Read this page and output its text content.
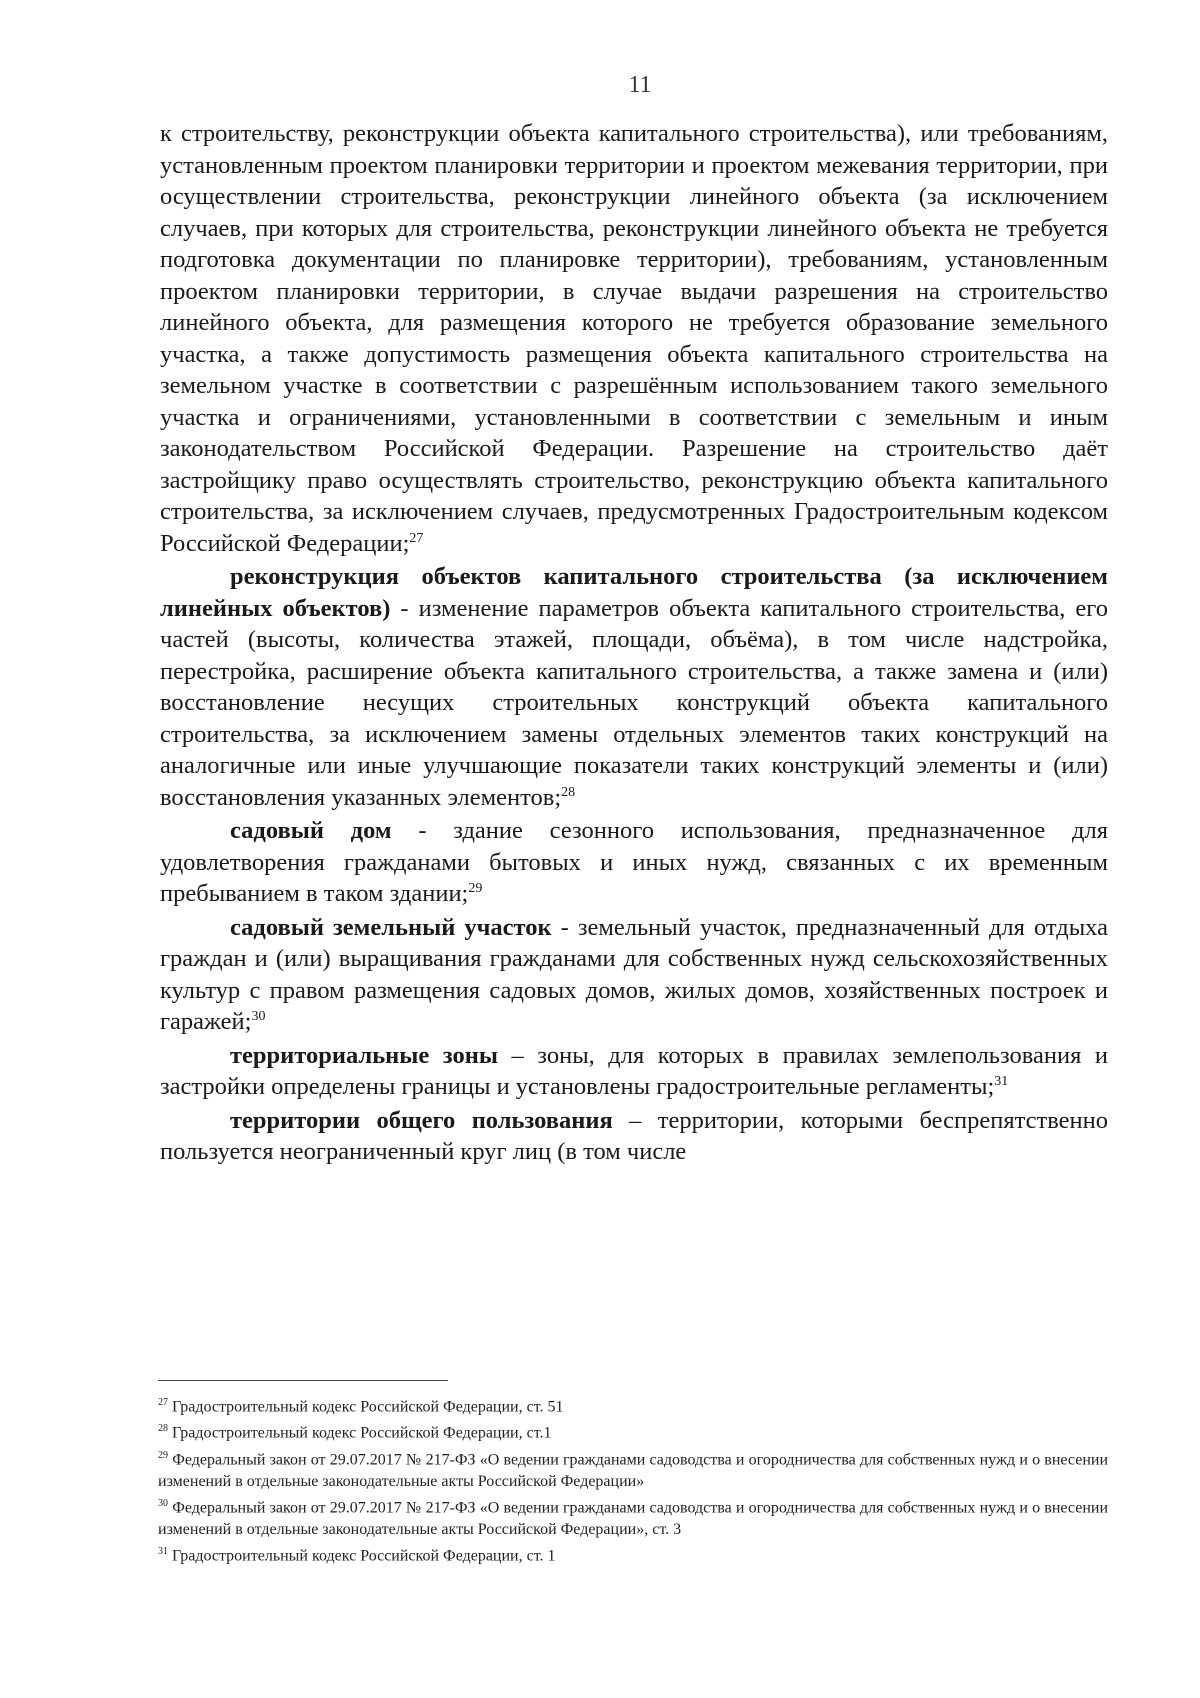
11

к строительству, реконструкции объекта капитального строительства), или требованиям, установленным проектом планировки территории и проектом межевания территории, при осуществлении строительства, реконструкции линейного объекта (за исключением случаев, при которых для строительства, реконструкции линейного объекта не требуется подготовка документации по планировке территории), требованиям, установленным проектом планировки территории, в случае выдачи разрешения на строительство линейного объекта, для размещения которого не требуется образование земельного участка, а также допустимость размещения объекта капитального строительства на земельном участке в соответствии с разрешённым использованием такого земельного участка и ограничениями, установленными в соответствии с земельным и иным законодательством Российской Федерации. Разрешение на строительство даёт застройщику право осуществлять строительство, реконструкцию объекта капитального строительства, за исключением случаев, предусмотренных Градостроительным кодексом Российской Федерации;$^{27}$

реконструкция объектов капитального строительства (за исключением линейных объектов) - изменение параметров объекта капитального строительства, его частей (высоты, количества этажей, площади, объёма), в том числе надстройка, перестройка, расширение объекта капитального строительства, а также замена и (или) восстановление несущих строительных конструкций объекта капитального строительства, за исключением замены отдельных элементов таких конструкций на аналогичные или иные улучшающие показатели таких конструкций элементы и (или) восстановления указанных элементов;$^{28}$

садовый дом - здание сезонного использования, предназначенное для удовлетворения гражданами бытовых и иных нужд, связанных с их временным пребыванием в таком здании;$^{29}$

садовый земельный участок - земельный участок, предназначенный для отдыха граждан и (или) выращивания гражданами для собственных нужд сельскохозяйственных культур с правом размещения садовых домов, жилых домов, хозяйственных построек и гаражей;$^{30}$

территориальные зоны – зоны, для которых в правилах землепользования и застройки определены границы и установлены градостроительные регламенты;$^{31}$

территории общего пользования – территории, которыми беспрепятственно пользуется неограниченный круг лиц (в том числе

$^{27}$ Градостроительный кодекс Российской Федерации, ст. 51

$^{28}$ Градостроительный кодекс Российской Федерации, ст.1

$^{29}$ Федеральный закон от 29.07.2017 № 217-ФЗ «О ведении гражданами садоводства и огородничества для собственных нужд и о внесении изменений в отдельные законодательные акты Российской Федерации»

$^{30}$ Федеральный закон от 29.07.2017 № 217-ФЗ «О ведении гражданами садоводства и огородничества для собственных нужд и о внесении изменений в отдельные законодательные акты Российской Федерации», ст. 3

$^{31}$ Градостроительный кодекс Российской Федерации, ст. 1
